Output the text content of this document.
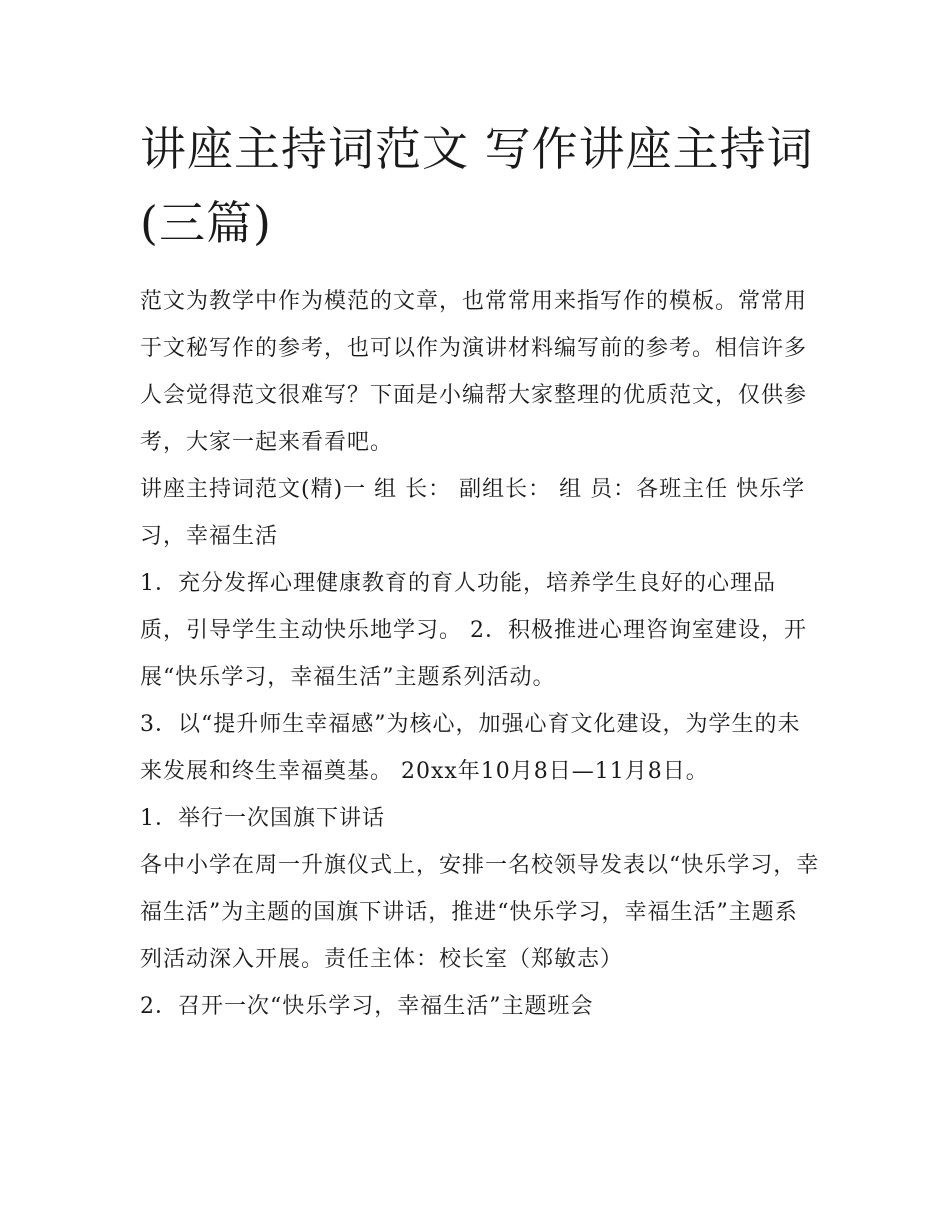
讲座主持词范文 写作讲座主持词(三篇)

范文为教学中作为模范的文章，也常常用来指写作的模板。常常用于文秘写作的参考，也可以作为演讲材料编写前的参考。相信许多人会觉得范文很难写？下面是小编帮大家整理的优质范文，仅供参考，大家一起来看看吧。

讲座主持词范文(精)一 组 长： 副组长： 组 员：各班主任 快乐学习，幸福生活

1．充分发挥心理健康教育的育人功能，培养学生良好的心理品质，引导学生主动快乐地学习。 2．积极推进心理咨询室建设，开展“快乐学习，幸福生活”主题系列活动。

3．以“提升师生幸福感”为核心，加强心育文化建设，为学生的未来发展和终生幸福奠基。 20xx年10月8日—11月8日。

1．举行一次国旗下讲话

各中小学在周一升旗仪式上，安排一名校领导发表以“快乐学习，幸福生活”为主题的国旗下讲话，推进“快乐学习，幸福生活”主题系列活动深入开展。责任主体：校长室（郑敏志）

2．召开一次“快乐学习，幸福生活”主题班会
